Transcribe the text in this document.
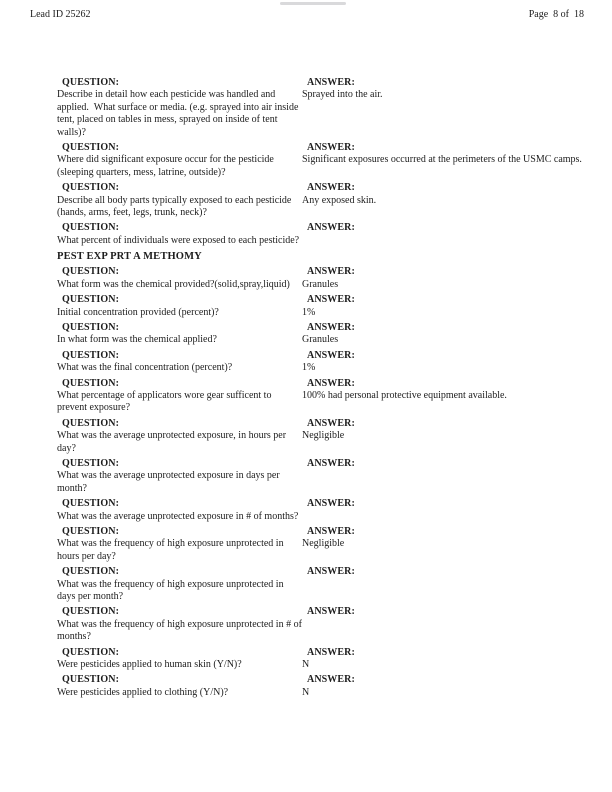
Lead ID 25262	Page  8 of  18
QUESTION:
Describe in detail how each pesticide was handled and applied.  What surface or media. (e.g. sprayed into air inside tent, placed on tables in mess, sprayed on inside of tent walls)?
ANSWER:
Sprayed into the air.
QUESTION:
Where did significant exposure occur for the pesticide (sleeping quarters, mess, latrine, outside)?
ANSWER:
Significant exposures occurred at the perimeters of the USMC camps.
QUESTION:
Describe all body parts typically exposed to each pesticide (hands, arms, feet, legs, trunk, neck)?
ANSWER:
Any exposed skin.
QUESTION:
What percent of individuals were exposed to each pesticide?
ANSWER:
PEST EXP PRT A METHOMY
QUESTION:
What form was the chemical provided?(solid,spray,liquid)
ANSWER:
Granules
QUESTION:
Initial concentration provided (percent)?
ANSWER:
1%
QUESTION:
In what form was the chemical applied?
ANSWER:
Granules
QUESTION:
What was the final concentration (percent)?
ANSWER:
1%
QUESTION:
What percentage of applicators wore gear sufficent to prevent exposure?
ANSWER:
100% had personal protective equipment available.
QUESTION:
What was the average unprotected exposure, in hours per day?
ANSWER:
Negligible
QUESTION:
What was the average unprotected exposure in days per month?
ANSWER:
QUESTION:
What was the average unprotected exposure in # of months?
ANSWER:
QUESTION:
What was the frequency of high exposure unprotected in hours per day?
ANSWER:
Negligible
QUESTION:
What was the frequency of high exposure unprotected in days per month?
ANSWER:
QUESTION:
What was the frequency of high exposure unprotected in # of months?
ANSWER:
QUESTION:
Were pesticides applied to human skin (Y/N)?
ANSWER:
N
QUESTION:
Were pesticides applied to clothing (Y/N)?
ANSWER:
N
